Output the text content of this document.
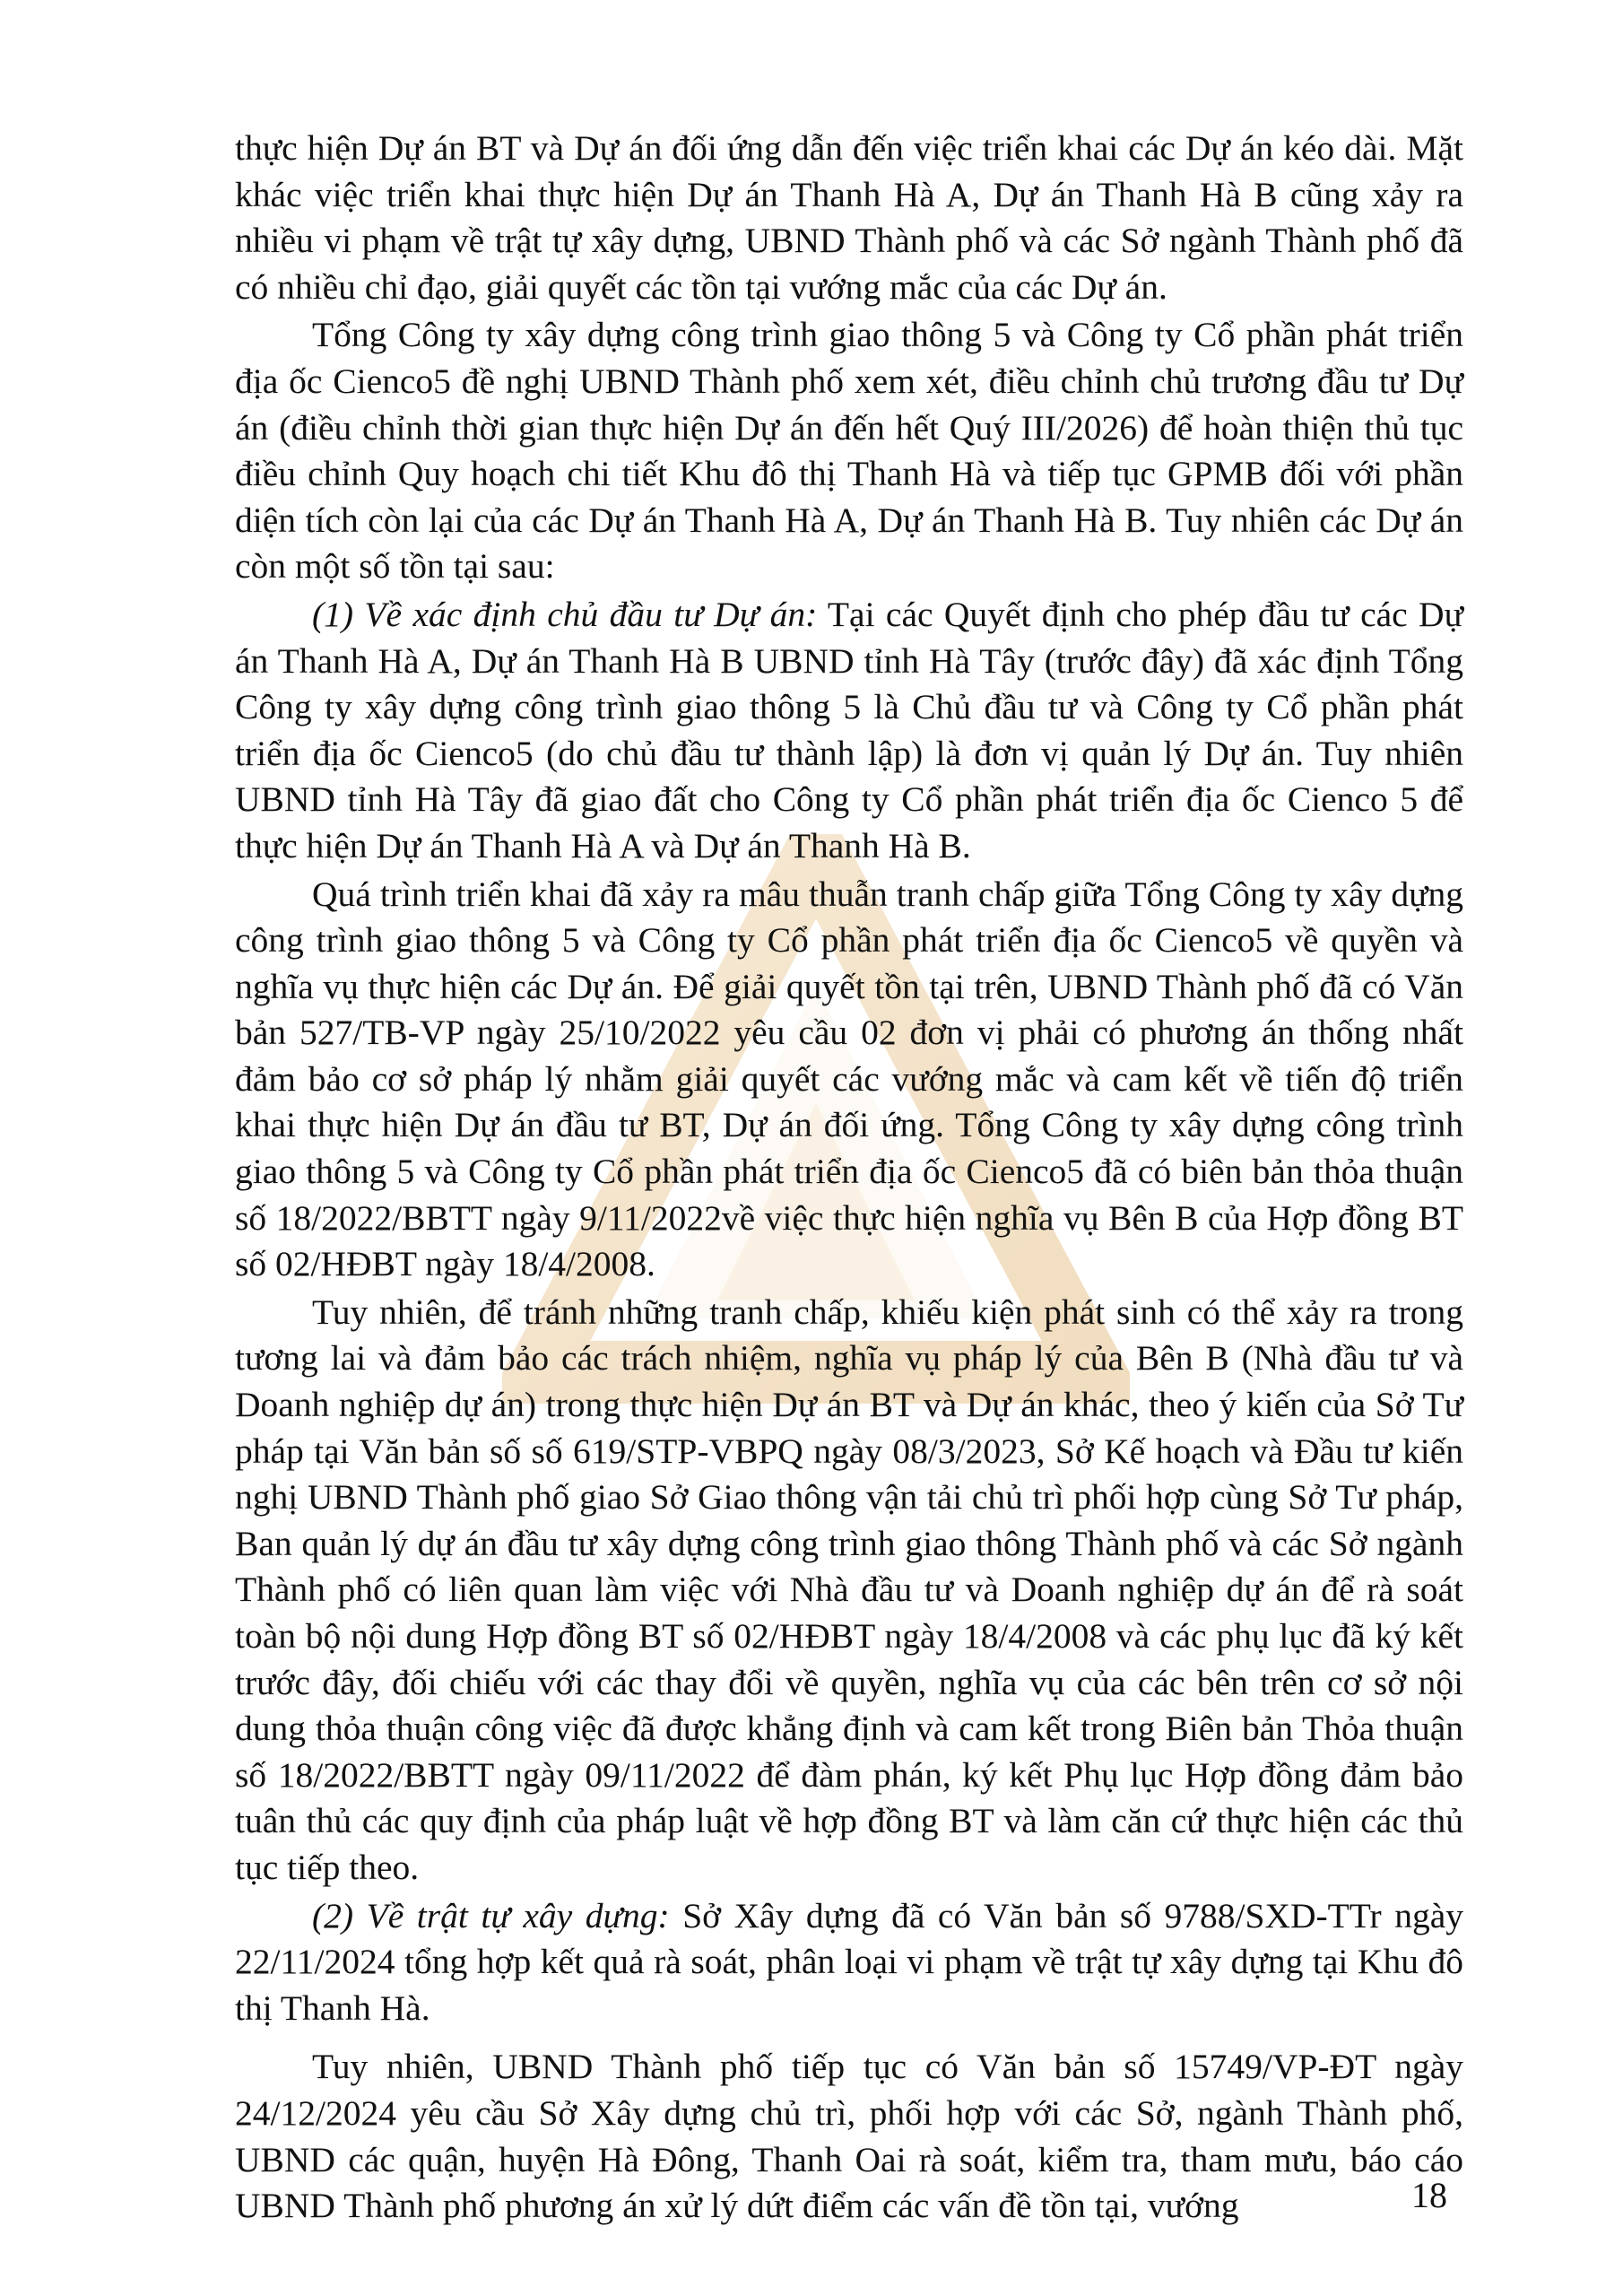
thực hiện Dự án BT và Dự án đối ứng dẫn đến việc triển khai các Dự án kéo dài. Mặt khác việc triển khai thực hiện Dự án Thanh Hà A, Dự án Thanh Hà B cũng xảy ra nhiều vi phạm về trật tự xây dựng, UBND Thành phố và các Sở ngành Thành phố đã có nhiều chỉ đạo, giải quyết các tồn tại vướng mắc của các Dự án.

Tổng Công ty xây dựng công trình giao thông 5 và Công ty Cổ phần phát triển địa ốc Cienco5 đề nghị UBND Thành phố xem xét, điều chỉnh chủ trương đầu tư Dự án (điều chỉnh thời gian thực hiện Dự án đến hết Quý III/2026) để hoàn thiện thủ tục điều chỉnh Quy hoạch chi tiết Khu đô thị Thanh Hà và tiếp tục GPMB đối với phần diện tích còn lại của các Dự án Thanh Hà A, Dự án Thanh Hà B. Tuy nhiên các Dự án còn một số tồn tại sau:

(1) Về xác định chủ đầu tư Dự án: Tại các Quyết định cho phép đầu tư các Dự án Thanh Hà A, Dự án Thanh Hà B UBND tỉnh Hà Tây (trước đây) đã xác định Tổng Công ty xây dựng công trình giao thông 5 là Chủ đầu tư và Công ty Cổ phần phát triển địa ốc Cienco5 (do chủ đầu tư thành lập) là đơn vị quản lý Dự án. Tuy nhiên UBND tỉnh Hà Tây đã giao đất cho Công ty Cổ phần phát triển địa ốc Cienco 5 để thực hiện Dự án Thanh Hà A và Dự án Thanh Hà B.

Quá trình triển khai đã xảy ra mâu thuẫn tranh chấp giữa Tổng Công ty xây dựng công trình giao thông 5 và Công ty Cổ phần phát triển địa ốc Cienco5 về quyền và nghĩa vụ thực hiện các Dự án. Để giải quyết tồn tại trên, UBND Thành phố đã có Văn bản 527/TB-VP ngày 25/10/2022 yêu cầu 02 đơn vị phải có phương án thống nhất đảm bảo cơ sở pháp lý nhằm giải quyết các vướng mắc và cam kết về tiến độ triển khai thực hiện Dự án đầu tư BT, Dự án đối ứng. Tổng Công ty xây dựng công trình giao thông 5 và Công ty Cổ phần phát triển địa ốc Cienco5 đã có biên bản thỏa thuận số 18/2022/BBTT ngày 9/11/2022về việc thực hiện nghĩa vụ Bên B của Hợp đồng BT số 02/HĐBT ngày 18/4/2008.

Tuy nhiên, để tránh những tranh chấp, khiếu kiện phát sinh có thể xảy ra trong tương lai và đảm bảo các trách nhiệm, nghĩa vụ pháp lý của Bên B (Nhà đầu tư và Doanh nghiệp dự án) trong thực hiện Dự án BT và Dự án khác, theo ý kiến của Sở Tư pháp tại Văn bản số số 619/STP-VBPQ ngày 08/3/2023, Sở Kế hoạch và Đầu tư kiến nghị UBND Thành phố giao Sở Giao thông vận tải chủ trì phối hợp cùng Sở Tư pháp, Ban quản lý dự án đầu tư xây dựng công trình giao thông Thành phố và các Sở ngành Thành phố có liên quan làm việc với Nhà đầu tư và Doanh nghiệp dự án để rà soát toàn bộ nội dung Hợp đồng BT số 02/HĐBT ngày 18/4/2008 và các phụ lục đã ký kết trước đây, đối chiếu với các thay đổi về quyền, nghĩa vụ của các bên trên cơ sở nội dung thỏa thuận công việc đã được khẳng định và cam kết trong Biên bản Thỏa thuận số 18/2022/BBTT ngày 09/11/2022 để đàm phán, ký kết Phụ lục Hợp đồng đảm bảo tuân thủ các quy định của pháp luật về hợp đồng BT và làm căn cứ thực hiện các thủ tục tiếp theo.

(2) Về trật tự xây dựng: Sở Xây dựng đã có Văn bản số 9788/SXD-TTr ngày 22/11/2024 tổng hợp kết quả rà soát, phân loại vi phạm về trật tự xây dựng tại Khu đô thị Thanh Hà.

Tuy nhiên, UBND Thành phố tiếp tục có Văn bản số 15749/VP-ĐT ngày 24/12/2024 yêu cầu Sở Xây dựng chủ trì, phối hợp với các Sở, ngành Thành phố, UBND các quận, huyện Hà Đông, Thanh Oai rà soát, kiểm tra, tham mưu, báo cáo UBND Thành phố phương án xử lý dứt điểm các vấn đề tồn tại, vướng	18
